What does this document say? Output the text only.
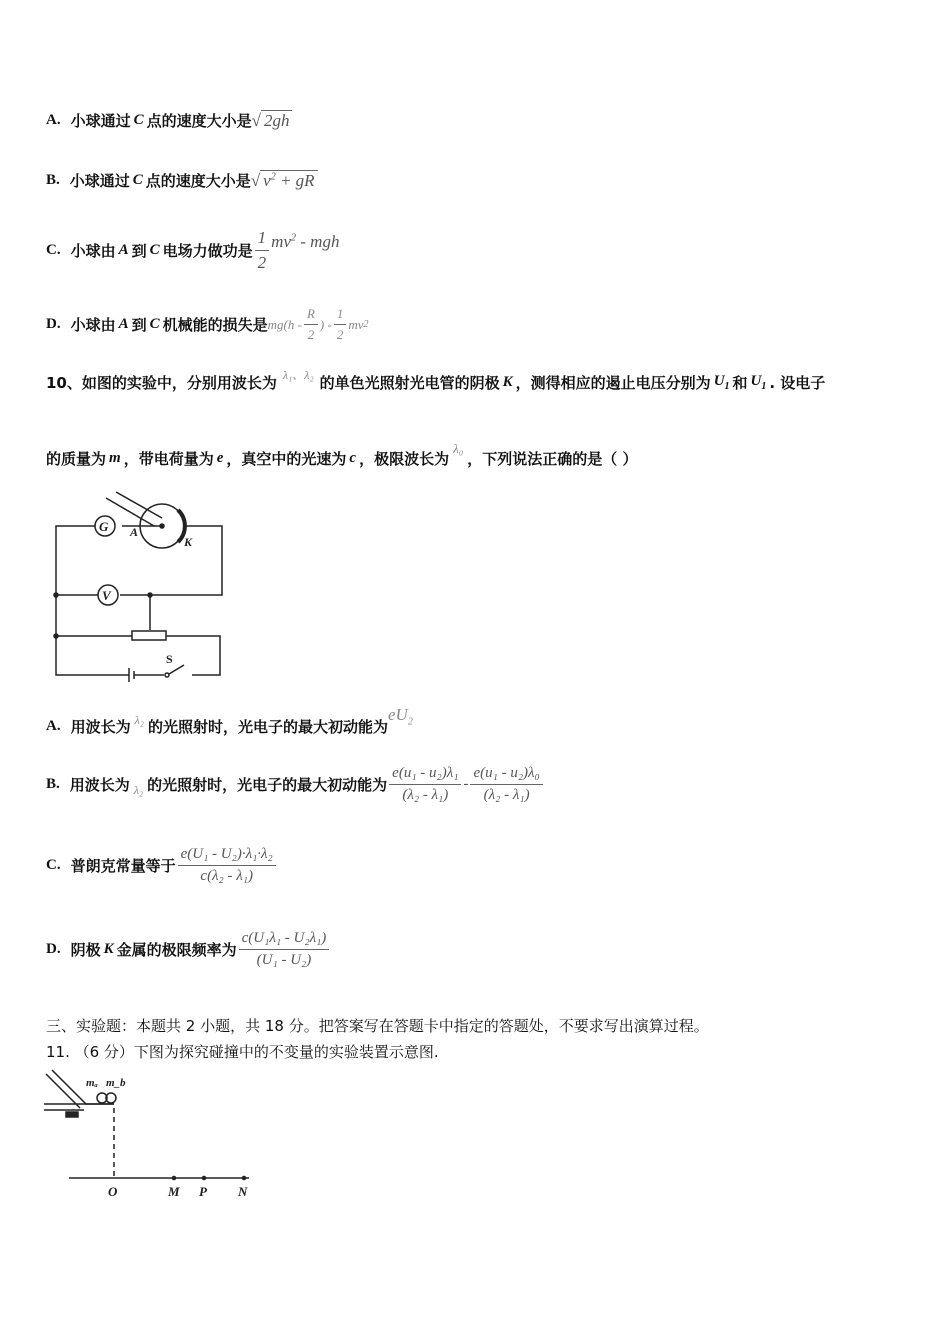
A. 小球通过 C 点的速度大小是 √ 2gh
B. 小球通过 C 点的速度大小是 √ $v^2$ + gR
C. 小球由 A 到 C 电场力做功是 $\frac{1}{2} mv^2$ - mgh
D. 小球由 A 到 C 机械能的损失是 $mg(h - \frac{R}{2}$ ) - $\frac{1}{2}$ mv 2
10、如图的实验中，分别用波长为 λ₁、λ₂ 的单色光照射光电管的阴极 K ，测得相应的遏止电压分别为 $U_1$ 和 $U_1$ . 设电子
的质量为 m ，带电荷量为 e ，真空中的光速为 c ，极限波长为
λ₀
，下列说法正确的是（ ）
G
V
A
K
S
A. 用波长为 λ₂ 的光照射时，光电子的最大初动能为
$eU_2$
B. 用波长为 λ₂ 的光照射时，光电子的最大初动能为 $\frac{\text{e(u₁ - u₂)λ₁}}{\text{(λ₂ - λ₁)}} - \frac{\text{e(u₁ - u₂)λ₀}}{\text{(λ₂ - λ₁)}}$
C. 普朗克常量等于 $\frac{\text{e(U₁ - U₂)·λ₁·λ₂}}{\text{c(λ₂ - λ₁)}}$
D. 阴极 K 金属的极限频率为 $\frac{\text{c(U₁λ₁ - U₂λ₁)}}{\text{(U₁ - U₂)}}$
三、实验题：本题共 2 小题，共 18 分。把答案写在答题卡中指定的答题处，不要求写出演算过程。
11. （6 分）下图为探究碰撞中的不变量的实验装置示意图.
mₐ m_b
O	M P N
